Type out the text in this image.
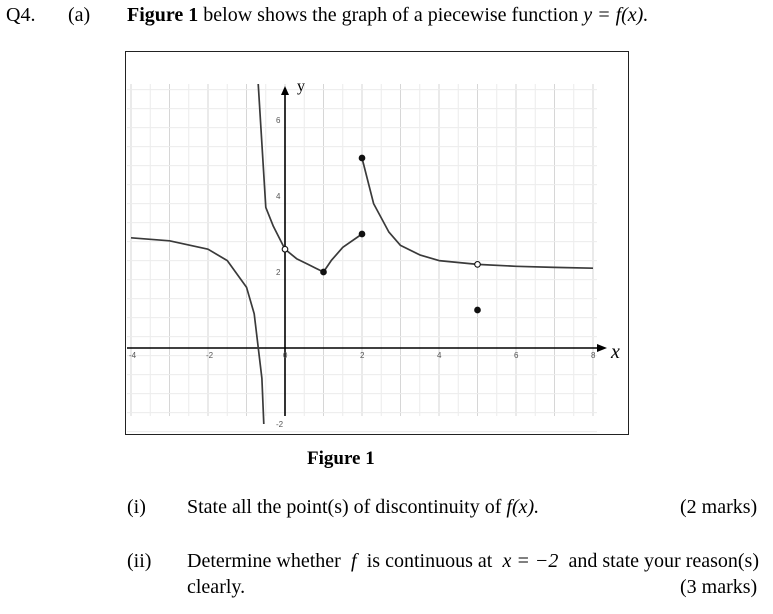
Q4. (a) Figure 1 below shows the graph of a piecewise function y = f(x).
-4	-2	0	2	4	6	8
-2
2
4
6
y
x
Figure 1
(i) State all the point(s) of discontinuity of f(x).	(2 marks)
(ii) Determine whether f is continuous at x = −2 and state your reason(s)
clearly.	(3 marks)
